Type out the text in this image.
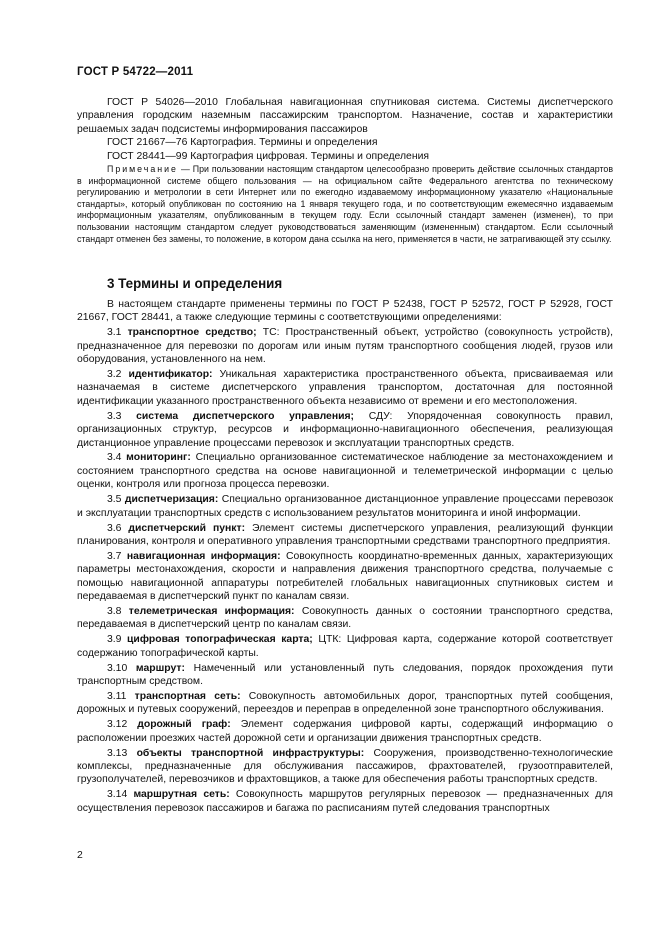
ГОСТ Р 54722—2011

ГОСТ Р 54026—2010 Глобальная навигационная спутниковая система. Системы диспетчерского управления городским наземным пассажирским транспортом. Назначение, состав и характеристики решаемых задач подсистемы информирования пассажиров

ГОСТ 21667—76 Картография. Термины и определения

ГОСТ 28441—99 Картография цифровая. Термины и определения

Примечание — При пользовании настоящим стандартом целесообразно проверить действие ссылочных стандартов в информационной системе общего пользования — на официальном сайте Федерального агентства по техническому регулированию и метрологии в сети Интернет или по ежегодно издаваемому информационному указателю «Национальные стандарты», который опубликован по состоянию на 1 января текущего года, и по соответствующим ежемесячно издаваемым информационным указателям, опубликованным в текущем году. Если ссылочный стандарт заменен (изменен), то при пользовании настоящим стандартом следует руководствоваться заменяющим (измененным) стандартом. Если ссылочный стандарт отменен без замены, то положение, в котором дана ссылка на него, применяется в части, не затрагивающей эту ссылку.

3 Термины и определения

В настоящем стандарте применены термины по ГОСТ Р 52438, ГОСТ Р 52572, ГОСТ Р 52928, ГОСТ 21667, ГОСТ 28441, а также следующие термины с соответствующими определениями:

3.1 транспортное средство; ТС: Пространственный объект, устройство (совокупность устройств), предназначенное для перевозки по дорогам или иным путям транспортного сообщения людей, грузов или оборудования, установленного на нем.

3.2 идентификатор: Уникальная характеристика пространственного объекта, присваиваемая или назначаемая в системе диспетчерского управления транспортом, достаточная для постоянной идентификации указанного пространственного объекта независимо от времени и его местоположения.

3.3 система диспетчерского управления; СДУ: Упорядоченная совокупность правил, организационных структур, ресурсов и информационно-навигационного обеспечения, реализующая дистанционное управление процессами перевозок и эксплуатации транспортных средств.

3.4 мониторинг: Специально организованное систематическое наблюдение за местонахождением и состоянием транспортного средства на основе навигационной и телеметрической информации с целью оценки, контроля или прогноза процесса перевозки.

3.5 диспетчеризация: Специально организованное дистанционное управление процессами перевозок и эксплуатации транспортных средств с использованием результатов мониторинга и иной информации.

3.6 диспетчерский пункт: Элемент системы диспетчерского управления, реализующий функции планирования, контроля и оперативного управления транспортными средствами транспортного предприятия.

3.7 навигационная информация: Совокупность координатно-временных данных, характеризующих параметры местонахождения, скорости и направления движения транспортного средства, получаемые с помощью навигационной аппаратуры потребителей глобальных навигационных спутниковых систем и передаваемая в диспетчерский пункт по каналам связи.

3.8 телеметрическая информация: Совокупность данных о состоянии транспортного средства, передаваемая в диспетчерский центр по каналам связи.

3.9 цифровая топографическая карта; ЦТК: Цифровая карта, содержание которой соответствует содержанию топографической карты.

3.10 маршрут: Намеченный или установленный путь следования, порядок прохождения пути транспортным средством.

3.11 транспортная сеть: Совокупность автомобильных дорог, транспортных путей сообщения, дорожных и путевых сооружений, переездов и переправ в определенной зоне транспортного обслуживания.

3.12 дорожный граф: Элемент содержания цифровой карты, содержащий информацию о расположении проезжих частей дорожной сети и организации движения транспортных средств.

3.13 объекты транспортной инфраструктуры: Сооружения, производственно-технологические комплексы, предназначенные для обслуживания пассажиров, фрахтователей, грузоотправителей, грузополучателей, перевозчиков и фрахтовщиков, а также для обеспечения работы транспортных средств.

3.14 маршрутная сеть: Совокупность маршрутов регулярных перевозок — предназначенных для осуществления перевозок пассажиров и багажа по расписаниям путей следования транспортных

2
